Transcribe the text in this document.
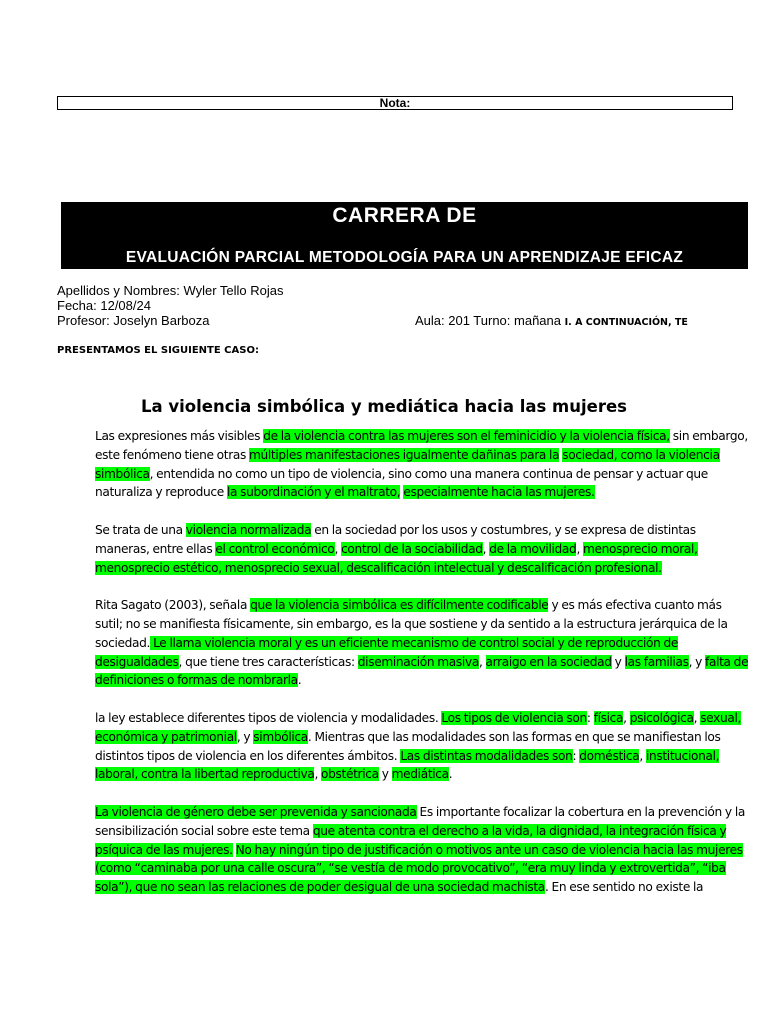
Nota:
CARRERA DE
EVALUACIÓN PARCIAL METODOLOGÍA PARA UN APRENDIZAJE EFICAZ
Apellidos y Nombres: Wyler Tello Rojas
Fecha: 12/08/24
Profesor: Joselyn Barboza	Aula: 201 Turno: mañana I. A CONTINUACIÓN, TE
PRESENTAMOS EL SIGUIENTE CASO:
La violencia simbólica y mediática hacia las mujeres

Las expresiones más visibles de la violencia contra las mujeres son el feminicidio y la violencia física, sin embargo, este fenómeno tiene otras múltiples manifestaciones igualmente dañinas para la sociedad, como la violencia simbólica, entendida no como un tipo de violencia, sino como una manera continua de pensar y actuar que naturaliza y reproduce la subordinación y el maltrato, especialmente hacia las mujeres.

Se trata de una violencia normalizada en la sociedad por los usos y costumbres, y se expresa de distintas maneras, entre ellas el control económico, control de la sociabilidad, de la movilidad, menosprecio moral, menosprecio estético, menosprecio sexual, descalificación intelectual y descalificación profesional.

Rita Sagato (2003), señala que la violencia simbólica es difícilmente codificable y es más efectiva cuanto más sutil; no se manifiesta físicamente, sin embargo, es la que sostiene y da sentido a la estructura jerárquica de la sociedad. Le llama violencia moral y es un eficiente mecanismo de control social y de reproducción de desigualdades, que tiene tres características: diseminación masiva, arraigo en la sociedad y las familias, y falta de definiciones o formas de nombrarla.

la ley establece diferentes tipos de violencia y modalidades. Los tipos de violencia son: física, psicológica, sexual, económica y patrimonial, y simbólica. Mientras que las modalidades son las formas en que se manifiestan los distintos tipos de violencia en los diferentes ámbitos. Las distintas modalidades son: doméstica, institucional, laboral, contra la libertad reproductiva, obstétrica y mediática.

La violencia de género debe ser prevenida y sancionada Es importante focalizar la cobertura en la prevención y la sensibilización social sobre este tema que atenta contra el derecho a la vida, la dignidad, la integración física y psíquica de las mujeres. No hay ningún tipo de justificación o motivos ante un caso de violencia hacia las mujeres (como “caminaba por una calle oscura”, “se vestía de modo provocativo”, “era muy linda y extrovertida”, “iba sola”), que no sean las relaciones de poder desigual de una sociedad machista. En ese sentido no existe la
